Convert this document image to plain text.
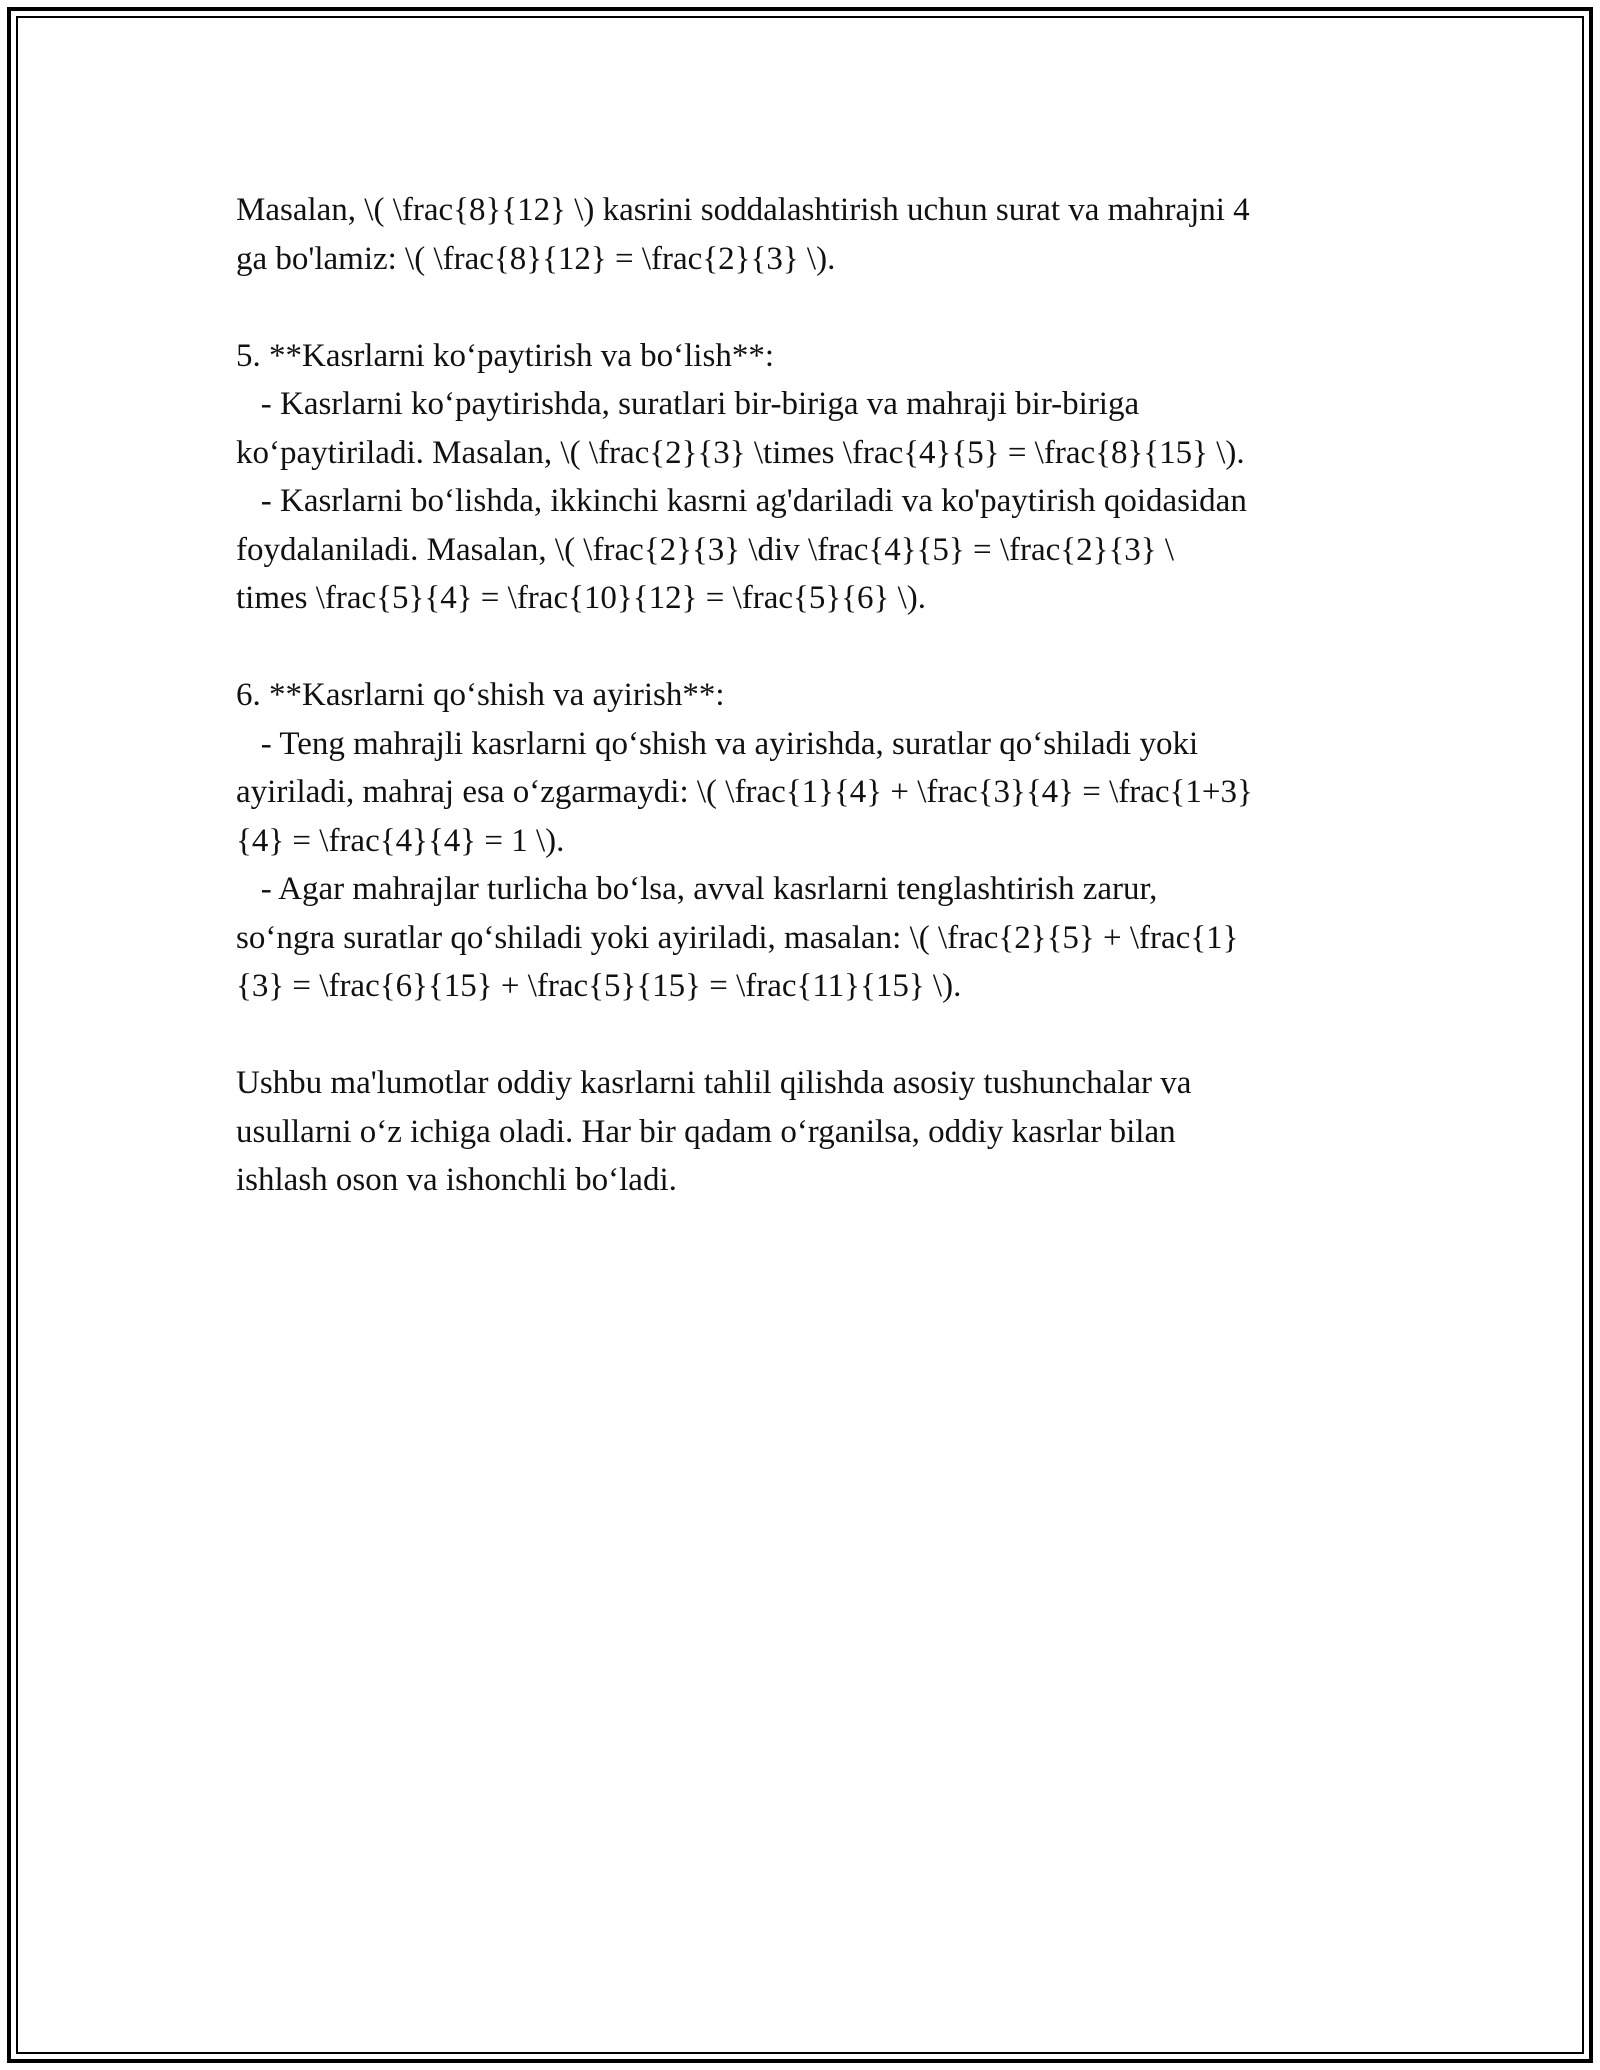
Masalan, \( \frac{8}{12} \) kasrini soddalashtirish uchun surat va mahrajni 4
ga bo'lamiz: \( \frac{8}{12} = \frac{2}{3} \).
5. **Kasrlarni ko‘paytirish va bo‘lish**:
- Kasrlarni ko‘paytirishda, suratlari bir-biriga va mahraji bir-biriga
ko‘paytiriladi. Masalan, \( \frac{2}{3} \times \frac{4}{5} = \frac{8}{15} \).
- Kasrlarni bo‘lishda, ikkinchi kasrni ag'dariladi va ko'paytirish qoidasidan
foydalaniladi. Masalan, \( \frac{2}{3} \div \frac{4}{5} = \frac{2}{3} \
times \frac{5}{4} = \frac{10}{12} = \frac{5}{6} \).
6. **Kasrlarni qo‘shish va ayirish**:
- Teng mahrajli kasrlarni qo‘shish va ayirishda, suratlar qo‘shiladi yoki
ayiriladi, mahraj esa o‘zgarmaydi: \( \frac{1}{4} + \frac{3}{4} = \frac{1+3}
{4} = \frac{4}{4} = 1 \).
- Agar mahrajlar turlicha bo‘lsa, avval kasrlarni tenglashtirish zarur,
so‘ngra suratlar qo‘shiladi yoki ayiriladi, masalan: \( \frac{2}{5} + \frac{1}
{3} = \frac{6}{15} + \frac{5}{15} = \frac{11}{15} \).
Ushbu ma'lumotlar oddiy kasrlarni tahlil qilishda asosiy tushunchalar va
usullarni o‘z ichiga oladi. Har bir qadam o‘rganilsa, oddiy kasrlar bilan
ishlash oson va ishonchli bo‘ladi.
